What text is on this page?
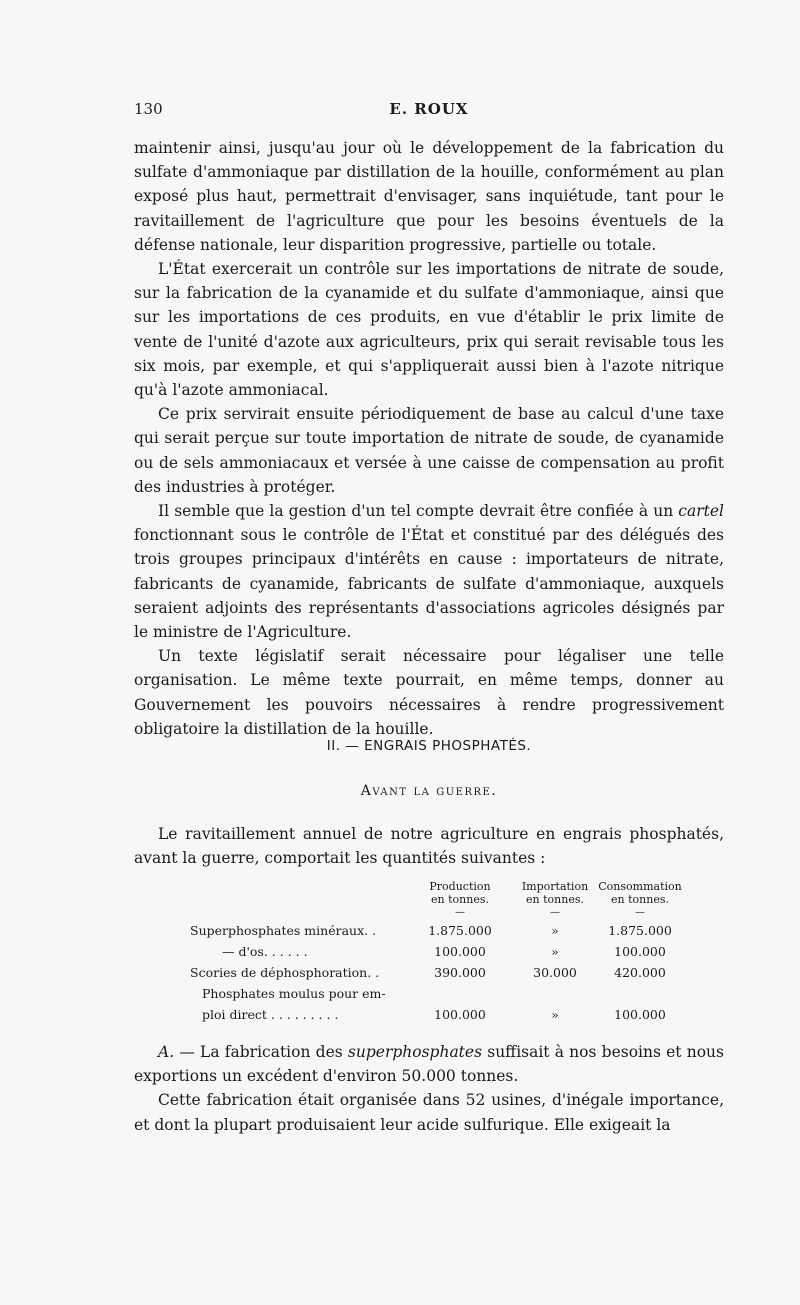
130	E. ROUX

maintenir ainsi, jusqu'au jour où le développement de la fabrication du sulfate d'ammoniaque par distillation de la houille, conformément au plan exposé plus haut, permettrait d'envisager, sans inquiétude, tant pour le ravitaillement de l'agriculture que pour les besoins éventuels de la défense nationale, leur disparition progressive, partielle ou totale.

L'État exercerait un contrôle sur les importations de nitrate de soude, sur la fabrication de la cyanamide et du sulfate d'ammoniaque, ainsi que sur les importations de ces produits, en vue d'établir le prix limite de vente de l'unité d'azote aux agriculteurs, prix qui serait revisable tous les six mois, par exemple, et qui s'appliquerait aussi bien à l'azote nitrique qu'à l'azote ammoniacal.

Ce prix servirait ensuite périodiquement de base au calcul d'une taxe qui serait perçue sur toute importation de nitrate de soude, de cyanamide ou de sels ammoniacaux et versée à une caisse de compensation au profit des industries à protéger.

Il semble que la gestion d'un tel compte devrait être confiée à un cartel fonctionnant sous le contrôle de l'État et constitué par des délégués des trois groupes principaux d'intérêts en cause : importateurs de nitrate, fabricants de cyanamide, fabricants de sulfate d'ammoniaque, auxquels seraient adjoints des représentants d'associations agricoles désignés par le ministre de l'Agriculture.

Un texte législatif serait nécessaire pour légaliser une telle organisation. Le même texte pourrait, en même temps, donner au Gouvernement les pouvoirs nécessaires à rendre progressivement obligatoire la distillation de la houille.

II. — ENGRAIS PHOSPHATÉS.
Avant la guerre.

Le ravitaillement annuel de notre agriculture en engrais phosphatés, avant la guerre, comportait les quantités suivantes :

Production
en tonnes.
—
Importation
en tonnes.
—
Consommation
en tonnes.
—
Superphosphates minéraux. .	1.875.000	»	1.875.000
— d'os. . . . . .	100.000	»	100.000
Scories de déphosphoration. .	390.000	30.000	420.000
Phosphates moulus pour em-
ploi direct . . . . . . . . .	100.000	»	100.000

A. — La fabrication des superphosphates suffisait à nos besoins et nous exportions un excédent d'environ 50.000 tonnes.

Cette fabrication était organisée dans 52 usines, d'inégale importance, et dont la plupart produisaient leur acide sulfurique. Elle exigeait la
